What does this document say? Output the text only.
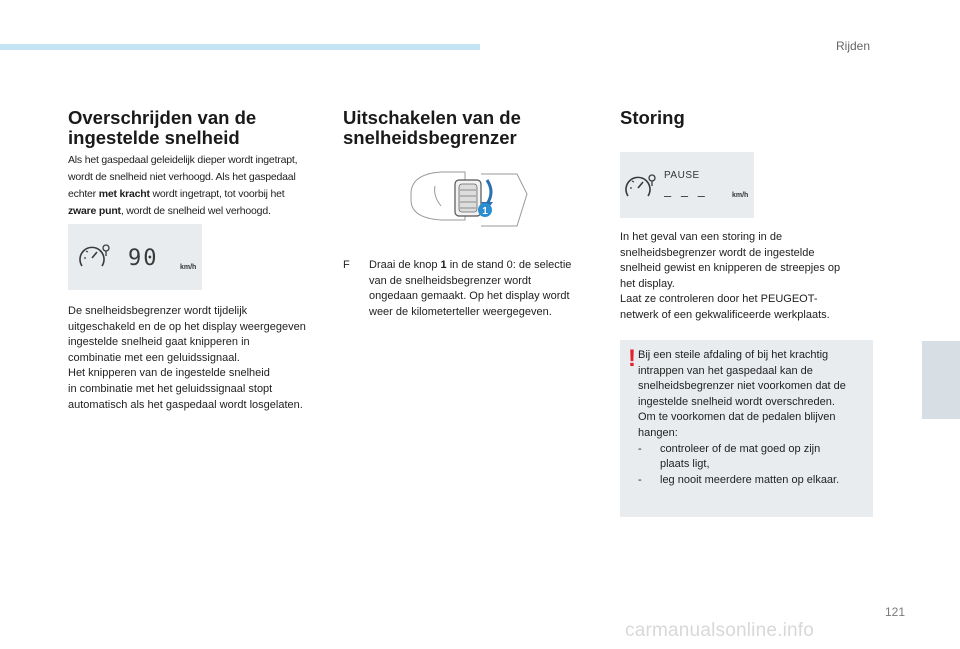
Rijden
6
Overschrijden van de
ingestelde snelheid
Als het gaspedaal geleidelijk dieper wordt ingetrapt,
wordt de snelheid niet verhoogd. Als het gaspedaal
echter met kracht wordt ingetrapt, tot voorbij het
zware punt, wordt de snelheid wel verhoogd.
90	km/h
De snelheidsbegrenzer wordt tijdelijk
uitgeschakeld en de op het display weergegeven
ingestelde snelheid gaat knipperen in
combinatie met een geluidssignaal.
Het knipperen van de ingestelde snelheid
in combinatie met het geluidssignaal stopt
automatisch als het gaspedaal wordt losgelaten.
Uitschakelen van de
snelheidsbegrenzer
1
F	Draai de knop 1 in de stand 0: de selectie
van de snelheidsbegrenzer wordt
ongedaan gemaakt. Op het display wordt
weer de kilometerteller weergegeven.
Storing
PAUSE
– – –	km/h
In het geval van een storing in de
snelheidsbegrenzer wordt de ingestelde
snelheid gewist en knipperen de streepjes op
het display.
Laat ze controleren door het PEUGEOT-
netwerk of een gekwalificeerde werkplaats.
! Bij een steile afdaling of bij het krachtig
intrappen van het gaspedaal kan de
snelheidsbegrenzer niet voorkomen dat de
ingestelde snelheid wordt overschreden.
Om te voorkomen dat de pedalen blijven
hangen:
-	controleer of de mat goed op zijn
plaats ligt,
-	leg nooit meerdere matten op elkaar.
121
carmanualsonline.info
